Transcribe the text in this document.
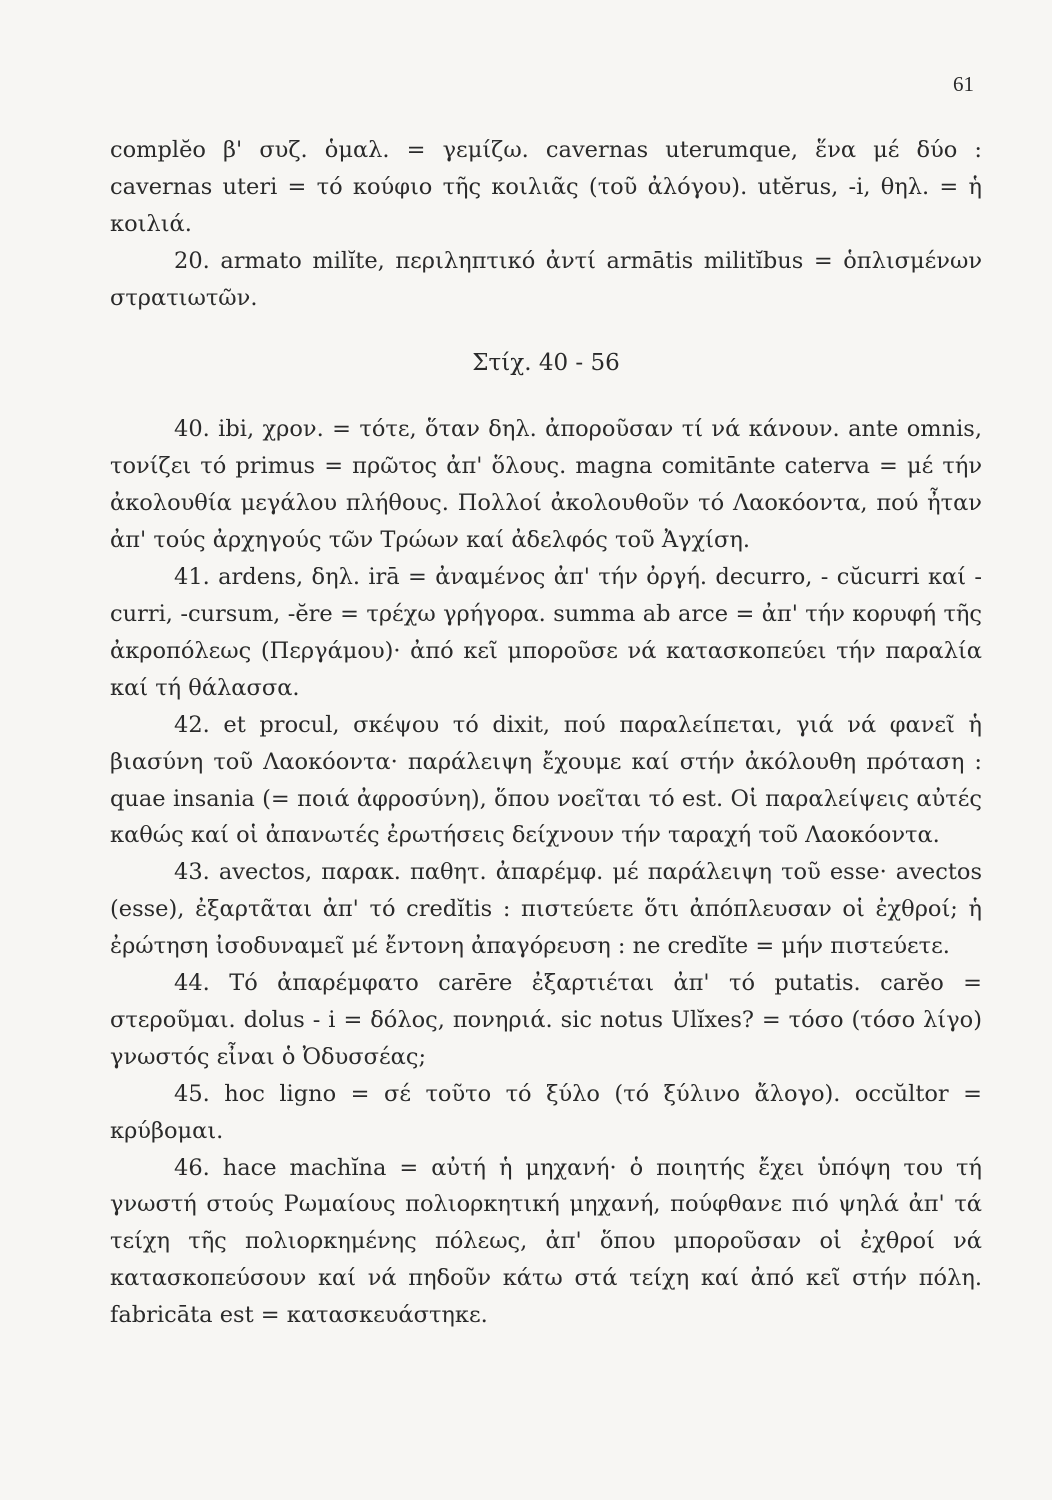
61

complĕo β' συζ. ὁμαλ. = γεμίζω. cavernas uterumque, ἕνα μέ δύο : cavernas uteri = τό κούφιο τῆς κοιλιᾶς (τοῦ ἀλόγου). utĕrus, -i, θηλ. = ἡ κοιλιά.

20. armato milĭte, περιληπτικό ἀντί armātis militĭbus = ὁπλισμένων στρατιωτῶν.

Στίχ. 40 - 56

40. ibi, χρον. = τότε, ὅταν δηλ. ἀποροῦσαν τί νά κάνουν. ante omnis, τονίζει τό primus = πρῶτος ἀπ' ὅλους. magna comitānte caterva = μέ τήν ἀκολουθία μεγάλου πλήθους. Πολλοί ἀκολουθοῦν τό Λαοκόοντα, πού ἦταν ἀπ' τούς ἀρχηγούς τῶν Τρώων καί ἀδελφός τοῦ Ἀγχίση.

41. ardens, δηλ. irā = ἀναμένος ἀπ' τήν ὀργή. decurro, - cŭcurri καί - curri, -cursum, -ĕre = τρέχω γρήγορα. summa ab arce = ἀπ' τήν κορυφή τῆς ἀκροπόλεως (Περγάμου)· ἀπό κεῖ μποροῦσε νά κατασκοπεύει τήν παραλία καί τή θάλασσα.

42. et procul, σκέψου τό dixit, πού παραλείπεται, γιά νά φανεῖ ἡ βιασύνη τοῦ Λαοκόοντα· παράλειψη ἔχουμε καί στήν ἀκόλουθη πρόταση : quae insania (= ποιά ἀφροσύνη), ὅπου νοεῖται τό est. Οἱ παραλείψεις αὐτές καθώς καί οἱ ἀπανωτές ἐρωτήσεις δείχνουν τήν ταραχή τοῦ Λαοκόοντα.

43. avectos, παρακ. παθητ. ἀπαρέμφ. μέ παράλειψη τοῦ esse· avectos (esse), ἐξαρτᾶται ἀπ' τό credĭtis : πιστεύετε ὅτι ἀπόπλευσαν οἱ ἐχθροί; ἡ ἐρώτηση ἰσοδυναμεῖ μέ ἔντονη ἀπαγόρευση : ne credĭte = μήν πιστεύετε.

44. Τό ἀπαρέμφατο carēre ἐξαρτιέται ἀπ' τό putatis. carĕo = στεροῦμαι. dolus - i = δόλος, πονηριά. sic notus Ulĭxes? = τόσο (τόσο λίγο) γνωστός εἶναι ὁ Ὀδυσσέας;

45. hoc ligno = σέ τοῦτο τό ξύλο (τό ξύλινο ἄλογο). occŭltor = κρύβομαι.

46. hace machĭna = αὐτή ἡ μηχανή· ὁ ποιητής ἔχει ὑπόψη του τή γνωστή στούς Ρωμαίους πολιορκητική μηχανή, πούφθανε πιό ψηλά ἀπ' τά τείχη τῆς πολιορκημένης πόλεως, ἀπ' ὅπου μποροῦσαν οἱ ἐχθροί νά κατασκοπεύσουν καί νά πηδοῦν κάτω στά τείχη καί ἀπό κεῖ στήν πόλη. fabricāta est = κατασκευάστηκε.
